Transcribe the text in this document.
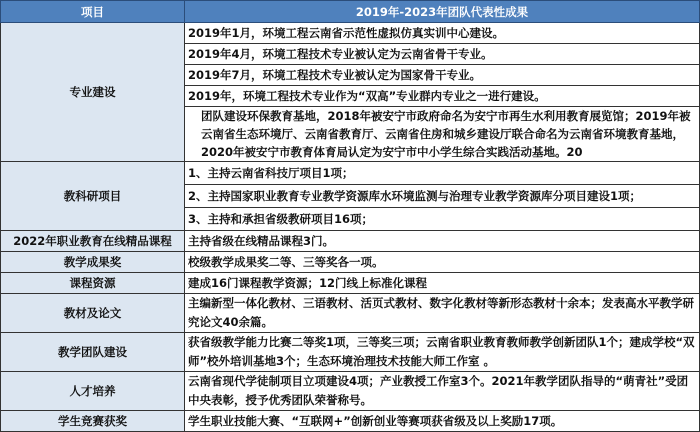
项目	2019年-2023年团队代表性成果
专业建设	2019年1月，环境工程云南省示范性虚拟仿真实训中心建设。
	2019年4月，环境工程技术专业被认定为云南省骨干专业。
	2019年7月，环境工程技术专业被认定为国家骨干专业。
	2019年，环境工程技术专业作为“双高”专业群内专业之一进行建设。
	团队建设环保教育基地，2018年被安宁市政府命名为安宁市再生水利用教育展览馆；2019年被云南省生态环境厅、云南省教育厅、云南省住房和城乡建设厅联合命名为云南省环境教育基地，2020年被安宁市教育体育局认定为安宁市中小学生综合实践活动基地。20
教科研项目	1、主持云南省科技厅项目1项；
	2、主持国家职业教育专业教学资源库水环境监测与治理专业教学资源库分项目建设1项；
	3、主持和承担省级教研项目16项；
2022年职业教育在线精品课程	主持省级在线精品课程3门。
教学成果奖	校级教学成果奖二等、三等奖各一项。
课程资源	建成16门课程教学资源；12门线上标准化课程
教材及论文	主编新型一体化教材、三语教材、活页式教材、数字化教材等新形态教材十余本；发表高水平教学研究论文40余篇。
教学团队建设	获省级教学能力比赛二等奖1项，三等奖三项；云南省职业教育教师教学创新团队1个；建成学校“双师”校外培训基地3个；生态环境治理技术技能大师工作室 。
人才培养	云南省现代学徒制项目立项建设4项；产业教授工作室3个。2021年教学团队指导的“萌青社”受团中央表彰，授予优秀团队荣誉称号。
学生竞赛获奖	学生职业技能大赛、“互联网+”创新创业等赛项获省级及以上奖励17项。
